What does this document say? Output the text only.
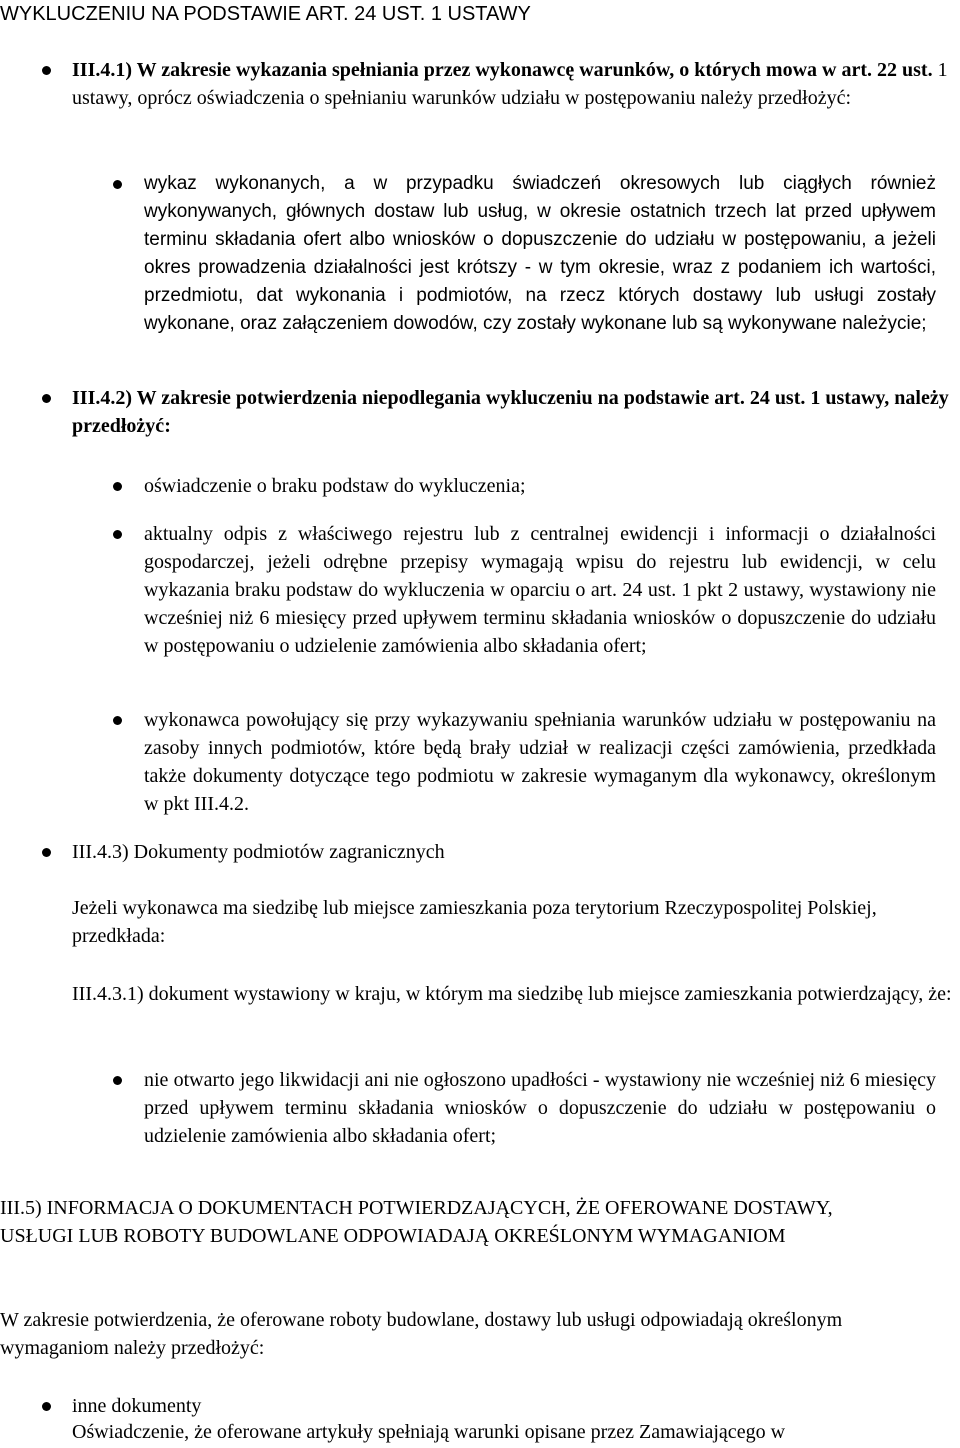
WYKLUCZENIU NA PODSTAWIE ART. 24 UST. 1 USTAWY
III.4.1) W zakresie wykazania spełniania przez wykonawcę warunków, o których mowa w art. 22 ust. 1 ustawy, oprócz oświadczenia o spełnianiu warunków udziału w postępowaniu należy przedłożyć:
wykaz wykonanych, a w przypadku świadczeń okresowych lub ciągłych również wykonywanych, głównych dostaw lub usług, w okresie ostatnich trzech lat przed upływem terminu składania ofert albo wniosków o dopuszczenie do udziału w postępowaniu, a jeżeli okres prowadzenia działalności jest krótszy - w tym okresie, wraz z podaniem ich wartości, przedmiotu, dat wykonania i podmiotów, na rzecz których dostawy lub usługi zostały wykonane, oraz załączeniem dowodów, czy zostały wykonane lub są wykonywane należycie;
III.4.2) W zakresie potwierdzenia niepodlegania wykluczeniu na podstawie art. 24 ust. 1 ustawy, należy przedłożyć:
oświadczenie o braku podstaw do wykluczenia;
aktualny odpis z właściwego rejestru lub z centralnej ewidencji i informacji o działalności gospodarczej, jeżeli odrębne przepisy wymagają wpisu do rejestru lub ewidencji, w celu wykazania braku podstaw do wykluczenia w oparciu o art. 24 ust. 1 pkt 2 ustawy, wystawiony nie wcześniej niż 6 miesięcy przed upływem terminu składania wniosków o dopuszczenie do udziału w postępowaniu o udzielenie zamówienia albo składania ofert;
wykonawca powołujący się przy wykazywaniu spełniania warunków udziału w postępowaniu na zasoby innych podmiotów, które będą brały udział w realizacji części zamówienia, przedkłada także dokumenty dotyczące tego podmiotu w zakresie wymaganym dla wykonawcy, określonym w pkt III.4.2.
III.4.3) Dokumenty podmiotów zagranicznych
Jeżeli wykonawca ma siedzibę lub miejsce zamieszkania poza terytorium Rzeczypospolitej Polskiej, przedkłada:
III.4.3.1) dokument wystawiony w kraju, w którym ma siedzibę lub miejsce zamieszkania potwierdzający, że:
nie otwarto jego likwidacji ani nie ogłoszono upadłości - wystawiony nie wcześniej niż 6 miesięcy przed upływem terminu składania wniosków o dopuszczenie do udziału w postępowaniu o udzielenie zamówienia albo składania ofert;
III.5) INFORMACJA O DOKUMENTACH POTWIERDZAJĄCYCH, ŻE OFEROWANE DOSTAWY, USŁUGI LUB ROBOTY BUDOWLANE ODPOWIADAJĄ OKREŚLONYM WYMAGANIOM
W zakresie potwierdzenia, że oferowane roboty budowlane, dostawy lub usługi odpowiadają określonym wymaganiom należy przedłożyć:
inne dokumenty
Oświadczenie, że oferowane artykuły spełniają warunki opisane przez Zamawiającego w
